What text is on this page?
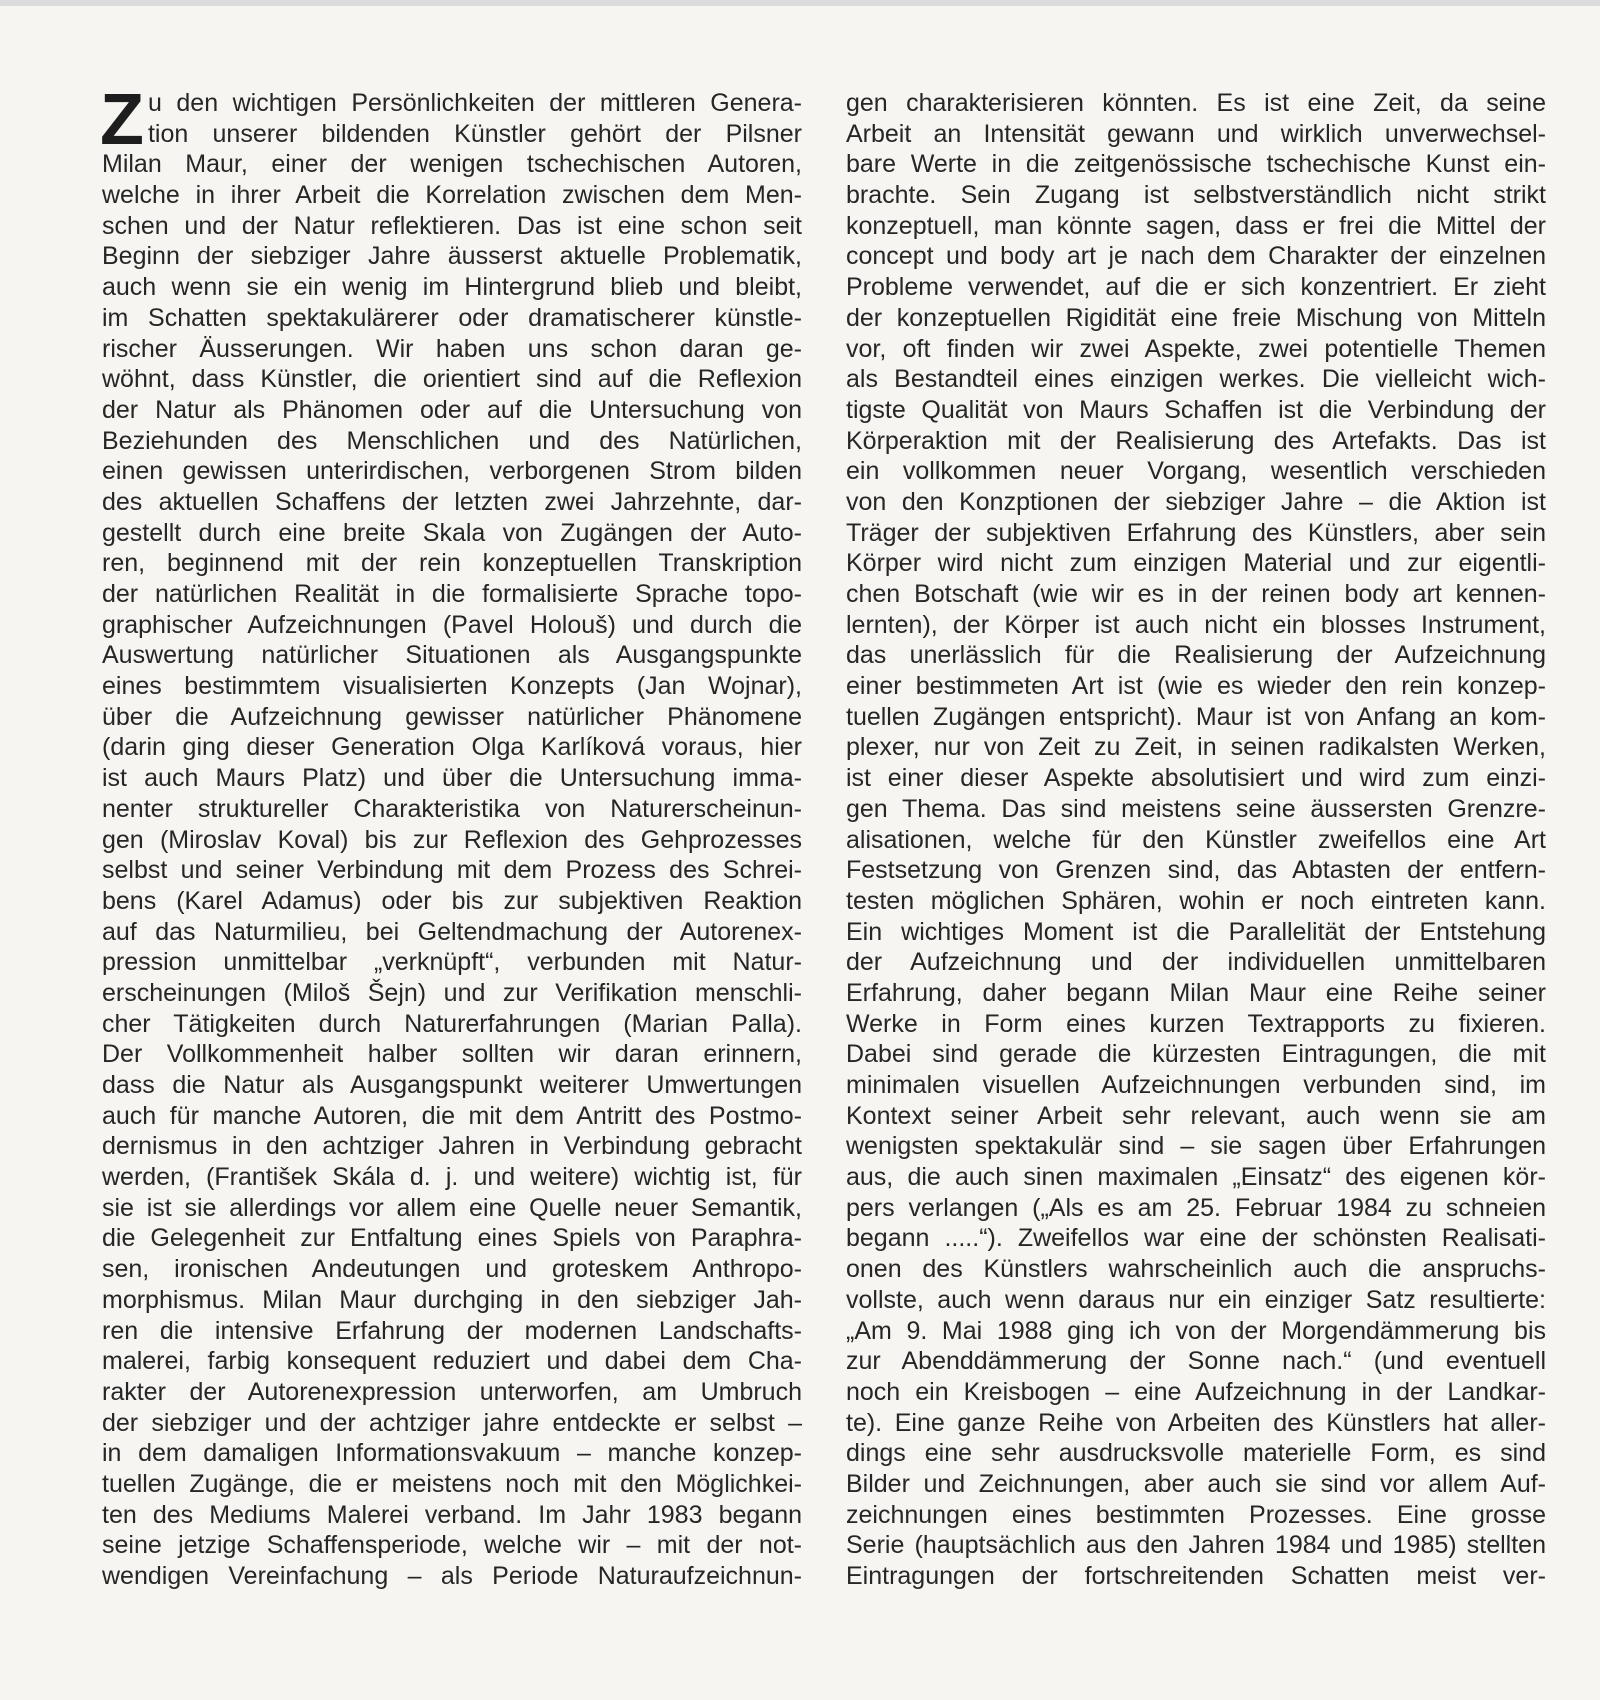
Z u den wichtigen Persönlichkeiten der mittleren Genera-
tion unserer bildenden Künstler gehört der Pilsner
Milan Maur, einer der wenigen tschechischen Autoren,
welche in ihrer Arbeit die Korrelation zwischen dem Men-
schen und der Natur reflektieren. Das ist eine schon seit
Beginn der siebziger Jahre äusserst aktuelle Problematik,
auch wenn sie ein wenig im Hintergrund blieb und bleibt,
im Schatten spektakulärerer oder dramatischerer künstle-
rischer Äusserungen. Wir haben uns schon daran ge-
wöhnt, dass Künstler, die orientiert sind auf die Reflexion
der Natur als Phänomen oder auf die Untersuchung von
Beziehunden des Menschlichen und des Natürlichen,
einen gewissen unterirdischen, verborgenen Strom bilden
des aktuellen Schaffens der letzten zwei Jahrzehnte, dar-
gestellt durch eine breite Skala von Zugängen der Auto-
ren, beginnend mit der rein konzeptuellen Transkription
der natürlichen Realität in die formalisierte Sprache topo-
graphischer Aufzeichnungen (Pavel Holouš) und durch die
Auswertung natürlicher Situationen als Ausgangspunkte
eines bestimmtem visualisierten Konzepts (Jan Wojnar),
über die Aufzeichnung gewisser natürlicher Phänomene
(darin ging dieser Generation Olga Karlíková voraus, hier
ist auch Maurs Platz) und über die Untersuchung imma-
nenter struktureller Charakteristika von Naturerscheinun-
gen (Miroslav Koval) bis zur Reflexion des Gehprozesses
selbst und seiner Verbindung mit dem Prozess des Schrei-
bens (Karel Adamus) oder bis zur subjektiven Reaktion
auf das Naturmilieu, bei Geltendmachung der Autorenex-
pression unmittelbar „verknüpft“, verbunden mit Natur-
erscheinungen (Miloš Šejn) und zur Verifikation menschli-
cher Tätigkeiten durch Naturerfahrungen (Marian Palla).
Der Vollkommenheit halber sollten wir daran erinnern,
dass die Natur als Ausgangspunkt weiterer Umwertungen
auch für manche Autoren, die mit dem Antritt des Postmo-
dernismus in den achtziger Jahren in Verbindung gebracht
werden, (František Skála d. j. und weitere) wichtig ist, für
sie ist sie allerdings vor allem eine Quelle neuer Semantik,
die Gelegenheit zur Entfaltung eines Spiels von Paraphra-
sen, ironischen Andeutungen und groteskem Anthropo-
morphismus. Milan Maur durchging in den siebziger Jah-
ren die intensive Erfahrung der modernen Landschafts-
malerei, farbig konsequent reduziert und dabei dem Cha-
rakter der Autorenexpression unterworfen, am Umbruch
der siebziger und der achtziger jahre entdeckte er selbst –
in dem damaligen Informationsvakuum – manche konzep-
tuellen Zugänge, die er meistens noch mit den Möglichkei-
ten des Mediums Malerei verband. Im Jahr 1983 begann
seine jetzige Schaffensperiode, welche wir – mit der not-
wendigen Vereinfachung – als Periode Naturaufzeichnun-
gen charakterisieren könnten. Es ist eine Zeit, da seine
Arbeit an Intensität gewann und wirklich unverwechsel-
bare Werte in die zeitgenössische tschechische Kunst ein-
brachte. Sein Zugang ist selbstverständlich nicht strikt
konzeptuell, man könnte sagen, dass er frei die Mittel der
concept und body art je nach dem Charakter der einzelnen
Probleme verwendet, auf die er sich konzentriert. Er zieht
der konzeptuellen Rigidität eine freie Mischung von Mitteln
vor, oft finden wir zwei Aspekte, zwei potentielle Themen
als Bestandteil eines einzigen werkes. Die vielleicht wich-
tigste Qualität von Maurs Schaffen ist die Verbindung der
Körperaktion mit der Realisierung des Artefakts. Das ist
ein vollkommen neuer Vorgang, wesentlich verschieden
von den Konzptionen der siebziger Jahre – die Aktion ist
Träger der subjektiven Erfahrung des Künstlers, aber sein
Körper wird nicht zum einzigen Material und zur eigentli-
chen Botschaft (wie wir es in der reinen body art kennen-
lernten), der Körper ist auch nicht ein blosses Instrument,
das unerlässlich für die Realisierung der Aufzeichnung
einer bestimmeten Art ist (wie es wieder den rein konzep-
tuellen Zugängen entspricht). Maur ist von Anfang an kom-
plexer, nur von Zeit zu Zeit, in seinen radikalsten Werken,
ist einer dieser Aspekte absolutisiert und wird zum einzi-
gen Thema. Das sind meistens seine äussersten Grenzre-
alisationen, welche für den Künstler zweifellos eine Art
Festsetzung von Grenzen sind, das Abtasten der entfern-
testen möglichen Sphären, wohin er noch eintreten kann.
Ein wichtiges Moment ist die Parallelität der Entstehung
der Aufzeichnung und der individuellen unmittelbaren
Erfahrung, daher begann Milan Maur eine Reihe seiner
Werke in Form eines kurzen Textrapports zu fixieren.
Dabei sind gerade die kürzesten Eintragungen, die mit
minimalen visuellen Aufzeichnungen verbunden sind, im
Kontext seiner Arbeit sehr relevant, auch wenn sie am
wenigsten spektakulär sind – sie sagen über Erfahrungen
aus, die auch sinen maximalen „Einsatz“ des eigenen kör-
pers verlangen („Als es am 25. Februar 1984 zu schneien
begann .....“). Zweifellos war eine der schönsten Realisati-
onen des Künstlers wahrscheinlich auch die anspruchs-
vollste, auch wenn daraus nur ein einziger Satz resultierte:
„Am 9. Mai 1988 ging ich von der Morgendämmerung bis
zur Abenddämmerung der Sonne nach.“ (und eventuell
noch ein Kreisbogen – eine Aufzeichnung in der Landkar-
te). Eine ganze Reihe von Arbeiten des Künstlers hat aller-
dings eine sehr ausdrucksvolle materielle Form, es sind
Bilder und Zeichnungen, aber auch sie sind vor allem Auf-
zeichnungen eines bestimmten Prozesses. Eine grosse
Serie (hauptsächlich aus den Jahren 1984 und 1985) stellten
Eintragungen der fortschreitenden Schatten meist ver-
